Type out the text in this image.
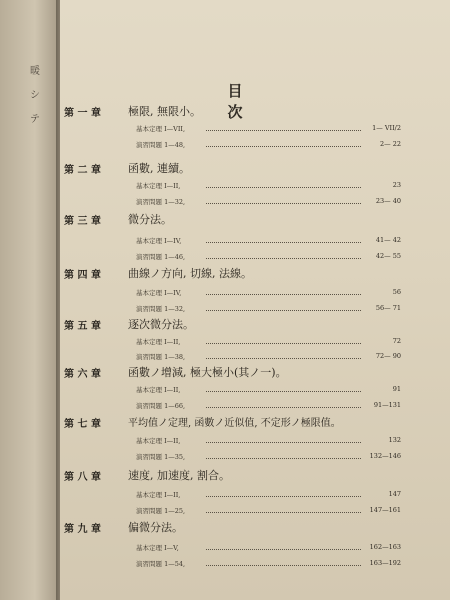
暖
シ
テ
目 次
第 一 章 極限, 無限小。
基本定理 I—VII,	1— VII/2
演習問題 1—48,	2— 22
第 二 章 函數, 連續。
基本定理 I—II,	23
演習問題 1—32,	23— 40
第 三 章 微分法。
基本定理 I—IV,	41— 42
演習問題 1—46,	42— 55
第 四 章 曲線ノ方向, 切線, 法線。
基本定理 I—IV,	56
演習問題 1—32,	56— 71
第 五 章 逐次微分法。
基本定理 I—II,	72
演習問題 1—38,	72— 90
第 六 章 函數ノ增減, 極大極小(其ノ一)。
基本定理 I—II,	91
演習問題 1—66,	91—131
第 七 章	平均值ノ定理, 函數ノ近似值, 不定形ノ極限值。
基本定理 I—II,	132
演習問題 1—35,	132—146
第 八 章 速度, 加速度, 割合。
基本定理 I—II,	147
演習問題 1—25,	147—161
第 九 章 偏微分法。
基本定理 I—V,	162—163
演習問題 1—54,	163—192
